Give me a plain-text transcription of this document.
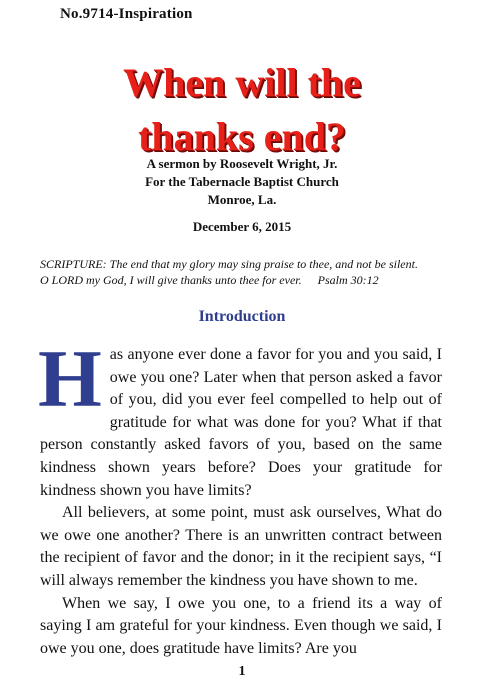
No.9714-Inspiration
When will the
thanks end?
A sermon by Roosevelt Wright, Jr.
For the Tabernacle Baptist Church
Monroe, La.
December 6, 2015
SCRIPTURE: The end that my glory may sing praise to thee, and not be silent.
O LORD my God, I will give thanks unto thee for ever. Psalm 30:12
Introduction

Has anyone ever done a favor for you and you said, I owe you one? Later when that person asked a favor of you, did you ever feel compelled to help out of gratitude for what was done for you? What if that person constantly asked favors of you, based on the same kindness shown years before? Does your gratitude for kindness shown you have limits?

All believers, at some point, must ask ourselves, What do we owe one another? There is an unwritten contract between the recipient of favor and the donor; in it the recipient says, “I will always remember the kindness you have shown to me.

When we say, I owe you one, to a friend its a way of saying I am grateful for your kindness. Even though we said, I owe you one, does gratitude have limits? Are you

1
